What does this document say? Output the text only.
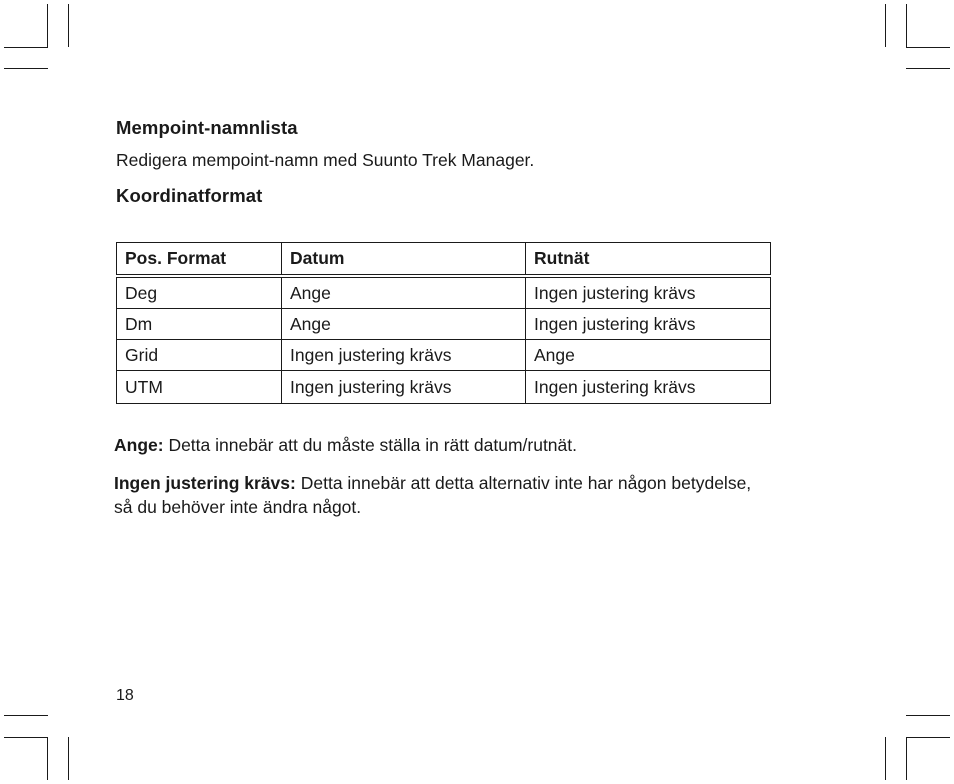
Mempoint-namnlista
Redigera mempoint-namn med Suunto Trek Manager.
Koordinatformat
Pos. Format	Datum	Rutnät
Deg	Ange	Ingen justering krävs
Dm	Ange	Ingen justering krävs
Grid	Ingen justering krävs	Ange
UTM	Ingen justering krävs	Ingen justering krävs
Ange: Detta innebär att du måste ställa in rätt datum/rutnät.
Ingen justering krävs: Detta innebär att detta alternativ inte har någon betydelse,
så du behöver inte ändra något.
18
